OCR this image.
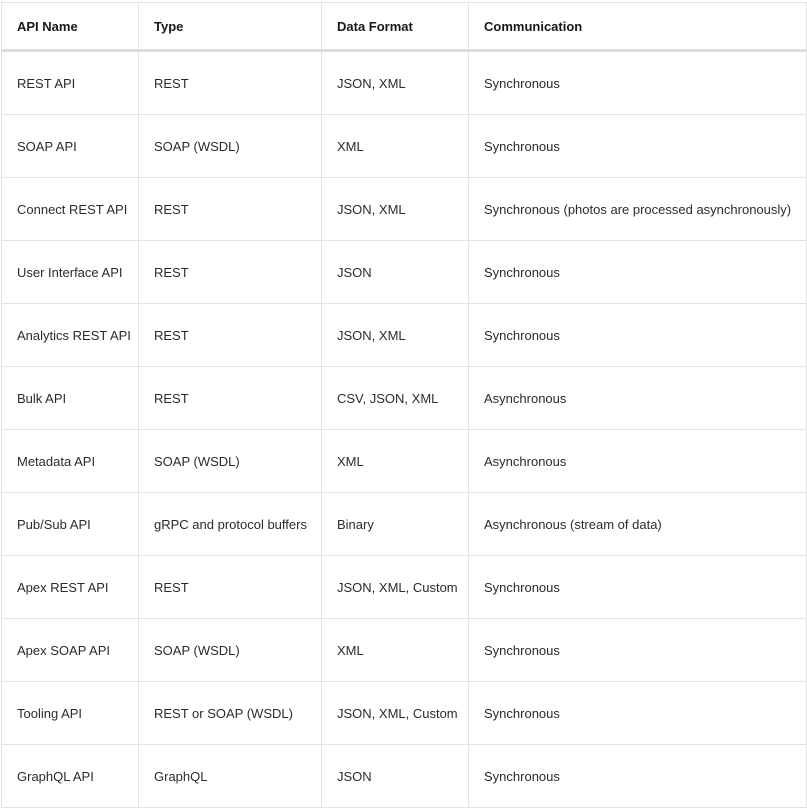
API Name	Type	Data Format	Communication
REST API	REST	JSON, XML	Synchronous
SOAP API	SOAP (WSDL)	XML	Synchronous
Connect REST API	REST	JSON, XML	Synchronous (photos are processed asynchronously)
User Interface API	REST	JSON	Synchronous
Analytics REST API	REST	JSON, XML	Synchronous
Bulk API	REST	CSV, JSON, XML	Asynchronous
Metadata API	SOAP (WSDL)	XML	Asynchronous
Pub/Sub API	gRPC and protocol buffers	Binary	Asynchronous (stream of data)
Apex REST API	REST	JSON, XML, Custom	Synchronous
Apex SOAP API	SOAP (WSDL)	XML	Synchronous
Tooling API	REST or SOAP (WSDL)	JSON, XML, Custom	Synchronous
GraphQL API	GraphQL	JSON	Synchronous
